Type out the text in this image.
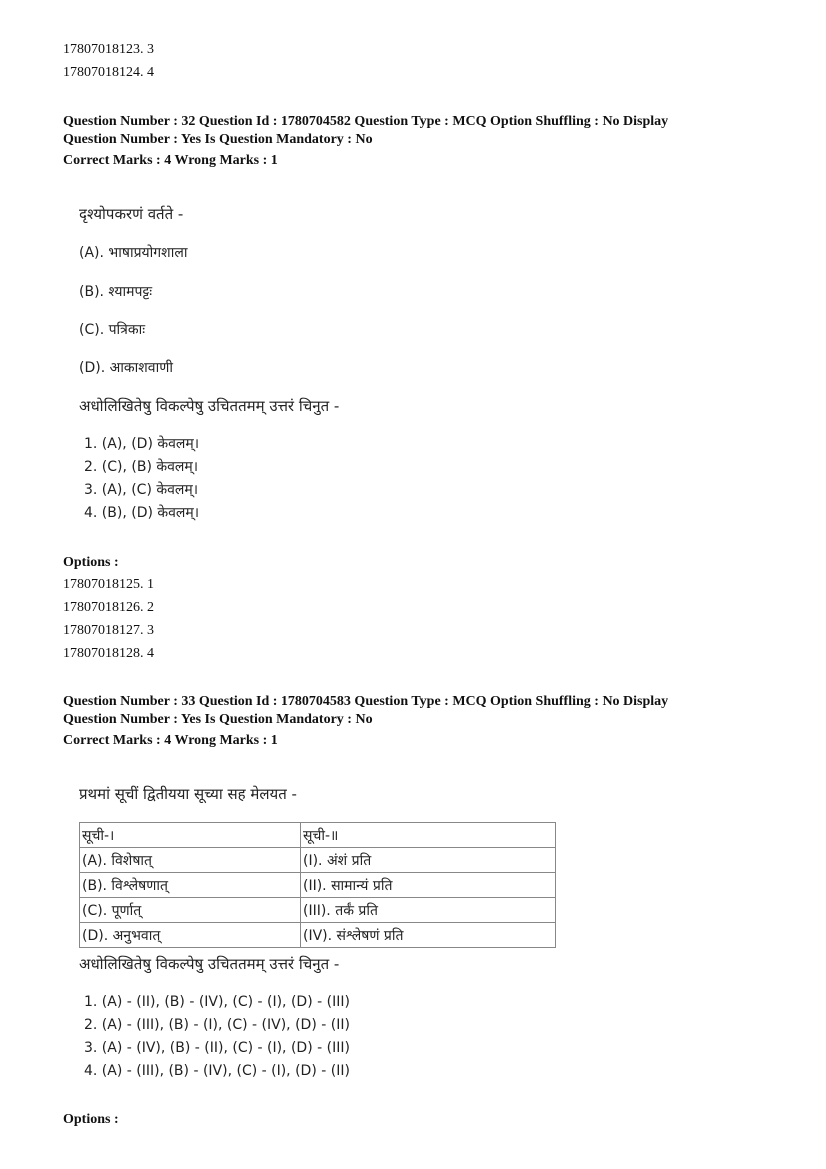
17807018123. 3
17807018124. 4
Question Number : 32 Question Id : 1780704582 Question Type : MCQ Option Shuffling : No Display
Question Number : Yes Is Question Mandatory : No
Correct Marks : 4 Wrong Marks : 1
दृश्योपकरणं वर्तते -
(A). भाषाप्रयोगशाला
(B). श्यामपट्टः
(C). पत्रिकाः
(D). आकाशवाणी
अधोलिखितेषु विकल्पेषु उचिततमम् उत्तरं चिनुत -
1. (A), (D) केवलम्।
2. (C), (B) केवलम्।
3. (A), (C) केवलम्।
4. (B), (D) केवलम्।
Options :
17807018125. 1
17807018126. 2
17807018127. 3
17807018128. 4
Question Number : 33 Question Id : 1780704583 Question Type : MCQ Option Shuffling : No Display
Question Number : Yes Is Question Mandatory : No
Correct Marks : 4 Wrong Marks : 1
प्रथमां सूचीं द्वितीयया सूच्या सह मेलयत -
सूची-।	सूची-॥
(A). विशेषात्	(I). अंशं प्रति
(B). विश्लेषणात्	(II). सामान्यं प्रति
(C). पूर्णात्	(III). तर्कं प्रति
(D). अनुभवात्	(IV). संश्लेषणं प्रति
अधोलिखितेषु विकल्पेषु उचिततमम् उत्तरं चिनुत -
1. (A) - (II), (B) - (IV), (C) - (I), (D) - (III)
2. (A) - (III), (B) - (I), (C) - (IV), (D) - (II)
3. (A) - (IV), (B) - (II), (C) - (I), (D) - (III)
4. (A) - (III), (B) - (IV), (C) - (I), (D) - (II)
Options :
